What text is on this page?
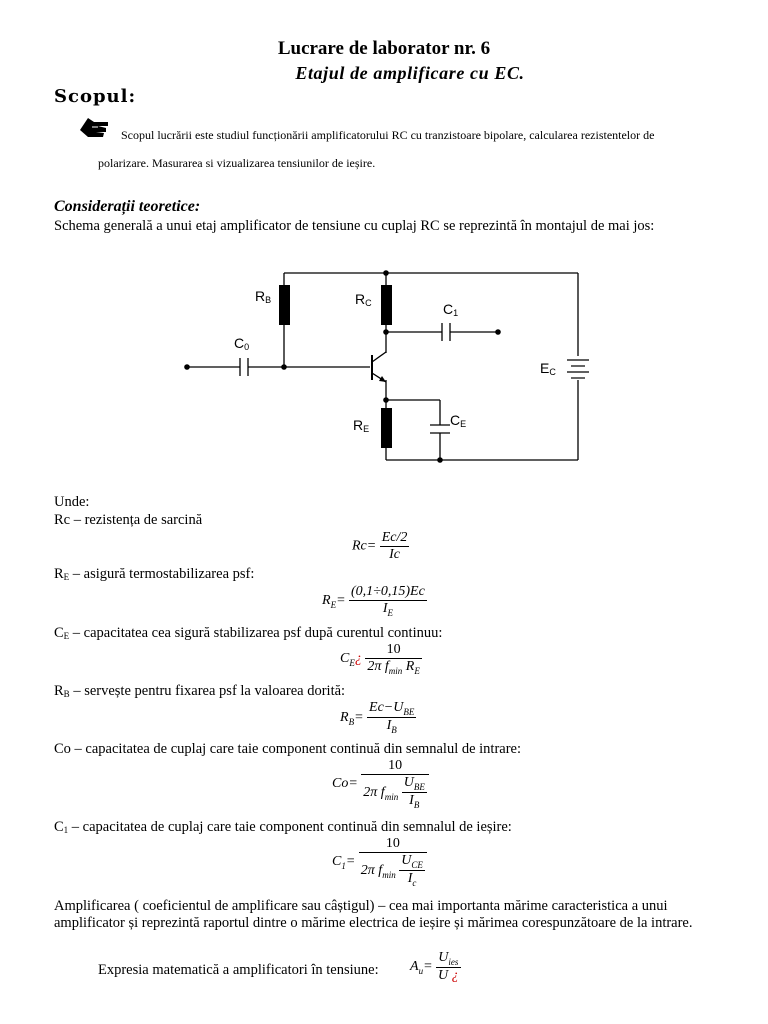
Lucrare de laborator nr. 6
Etajul de amplificare cu EC.
Scopul:
Scopul lucrării este studiul funcționării amplificatorului RC cu tranzistoare bipolare, calcularea rezistentelor de
polarizare. Masurarea si vizualizarea tensiunilor de ieșire.
Considerații teoretice:
Schema generală a unui etaj amplificator de tensiune cu cuplaj RC se reprezintă în montajul de mai jos:
$R_B$	$R_C$	$C_1$
$C_0$
$E_C$
$R_E$
$C_E$
Unde:
Rc – rezistența de sarcină
$Rc= \frac{Ec/2}{Ic}$
$R_E$ – asigură termostabilizarea psf:
$R_E= \frac{(0,1\div 0,15)Ec}{I_E}$
$C_E$ – capacitatea cea sigură stabilizarea psf după curentul continuu:
$C_E¿ \frac{10}{2\pi f_{min} R_E}$
$R_B$ – servește pentru fixarea psf la valoarea dorită:
$R_B= \frac{Ec-U_{BE}}{I_B}$
Co – capacitatea de cuplaj care taie component continuă din semnalul de intrare:
$Co= \frac{10}{2\pi f_{min} \frac{U_{BE}}{I_B}}$
$C_1$ – capacitatea de cuplaj care taie component continuă din semnalul de ieșire:
$C_1= \frac{10}{2\pi f_{min} \frac{U_{CE}}{I_c}}$
Amplificarea ( coeficientul de amplificare sau câștigul) – cea mai importanta mărime caracteristica a unui amplificator și reprezintă raportul dintre o mărime electrica de ieșire și mărimea corespunzătoare de la intrare.
Expresia matematică a amplificatori în tensiune: $A_u= \frac{U_{ies}}{U ¿}$
